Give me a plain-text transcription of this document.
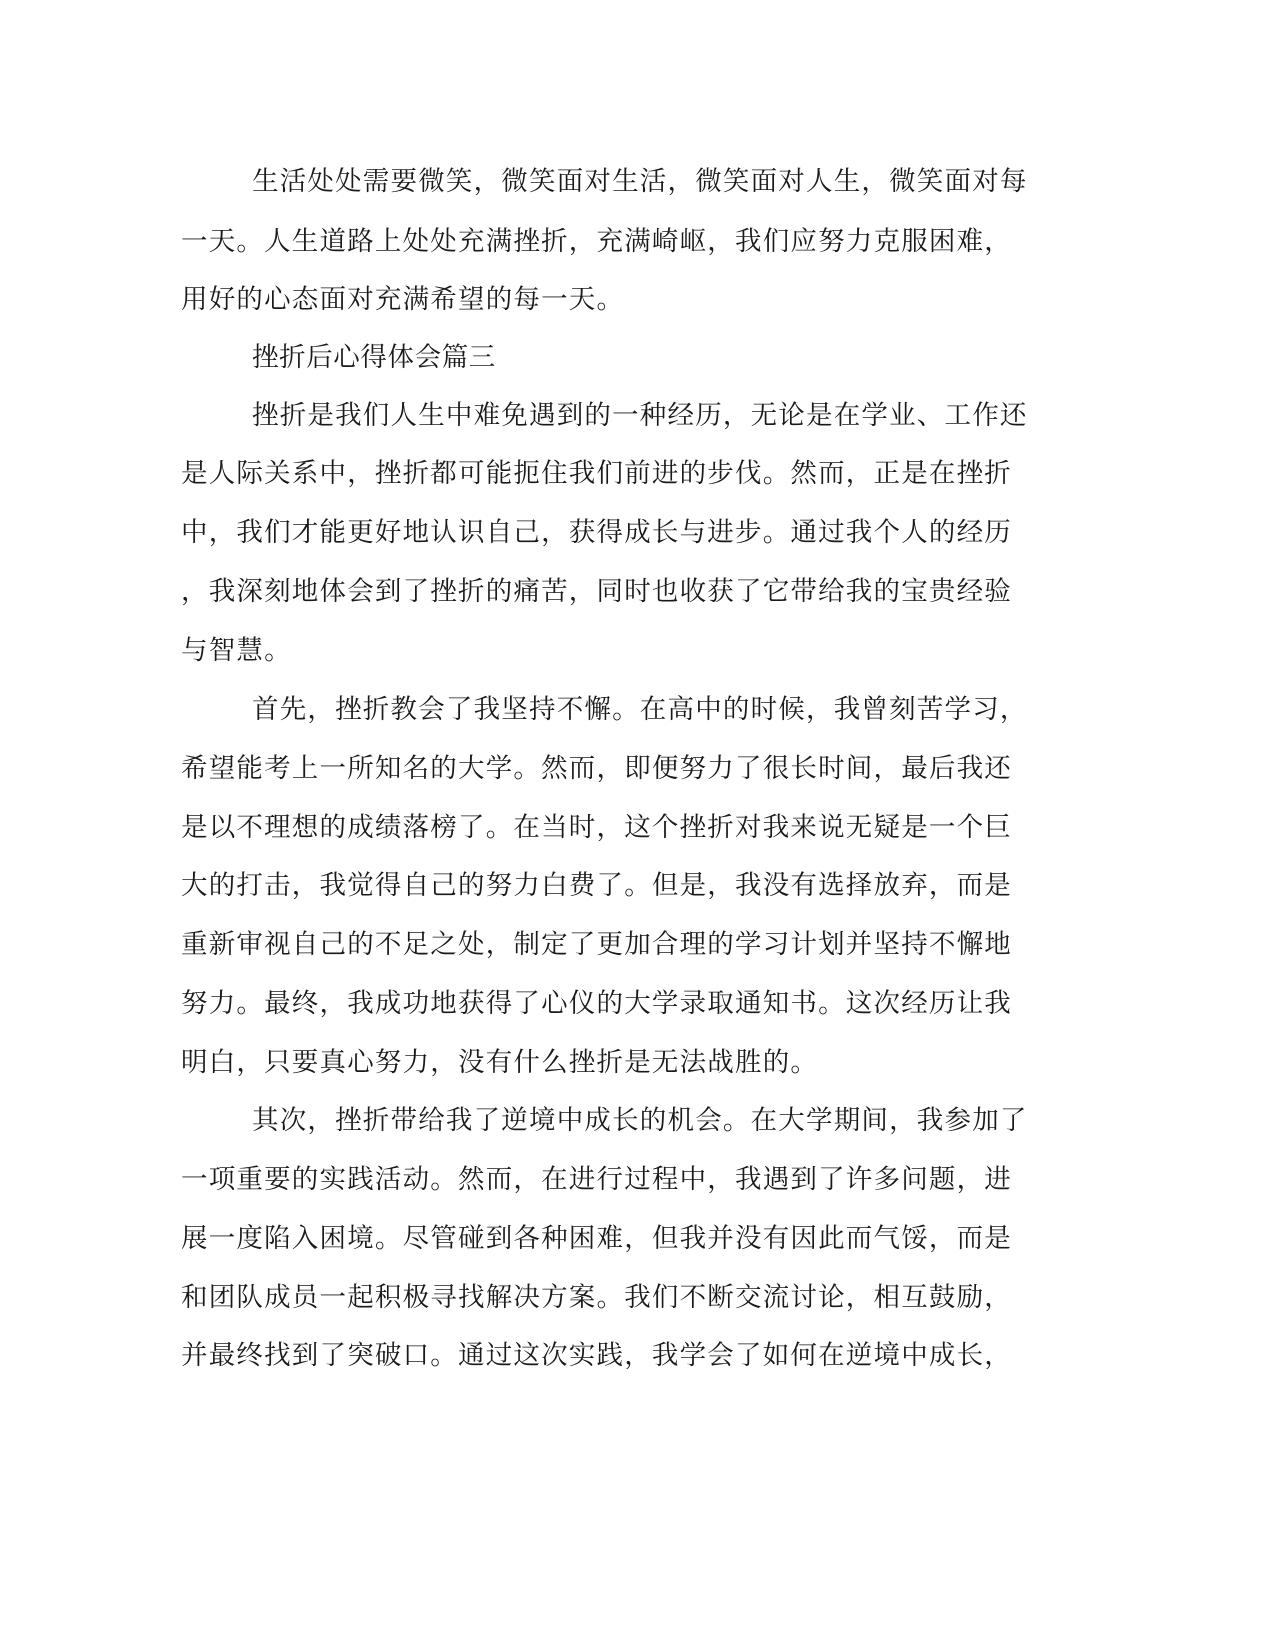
生活处处需要微笑，微笑面对生活，微笑面对人生，微笑面对每
一天。人生道路上处处充满挫折，充满崎岖，我们应努力克服困难，
用好的心态面对充满希望的每一天。
挫折后心得体会篇三
挫折是我们人生中难免遇到的一种经历，无论是在学业、工作还
是人际关系中，挫折都可能扼住我们前进的步伐。然而，正是在挫折
中，我们才能更好地认识自己，获得成长与进步。通过我个人的经历
，我深刻地体会到了挫折的痛苦，同时也收获了它带给我的宝贵经验
与智慧。
首先，挫折教会了我坚持不懈。在高中的时候，我曾刻苦学习，
希望能考上一所知名的大学。然而，即便努力了很长时间，最后我还
是以不理想的成绩落榜了。在当时，这个挫折对我来说无疑是一个巨
大的打击，我觉得自己的努力白费了。但是，我没有选择放弃，而是
重新审视自己的不足之处，制定了更加合理的学习计划并坚持不懈地
努力。最终，我成功地获得了心仪的大学录取通知书。这次经历让我
明白，只要真心努力，没有什么挫折是无法战胜的。
其次，挫折带给我了逆境中成长的机会。在大学期间，我参加了
一项重要的实践活动。然而，在进行过程中，我遇到了许多问题，进
展一度陷入困境。尽管碰到各种困难，但我并没有因此而气馁，而是
和团队成员一起积极寻找解决方案。我们不断交流讨论，相互鼓励，
并最终找到了突破口。通过这次实践，我学会了如何在逆境中成长，
